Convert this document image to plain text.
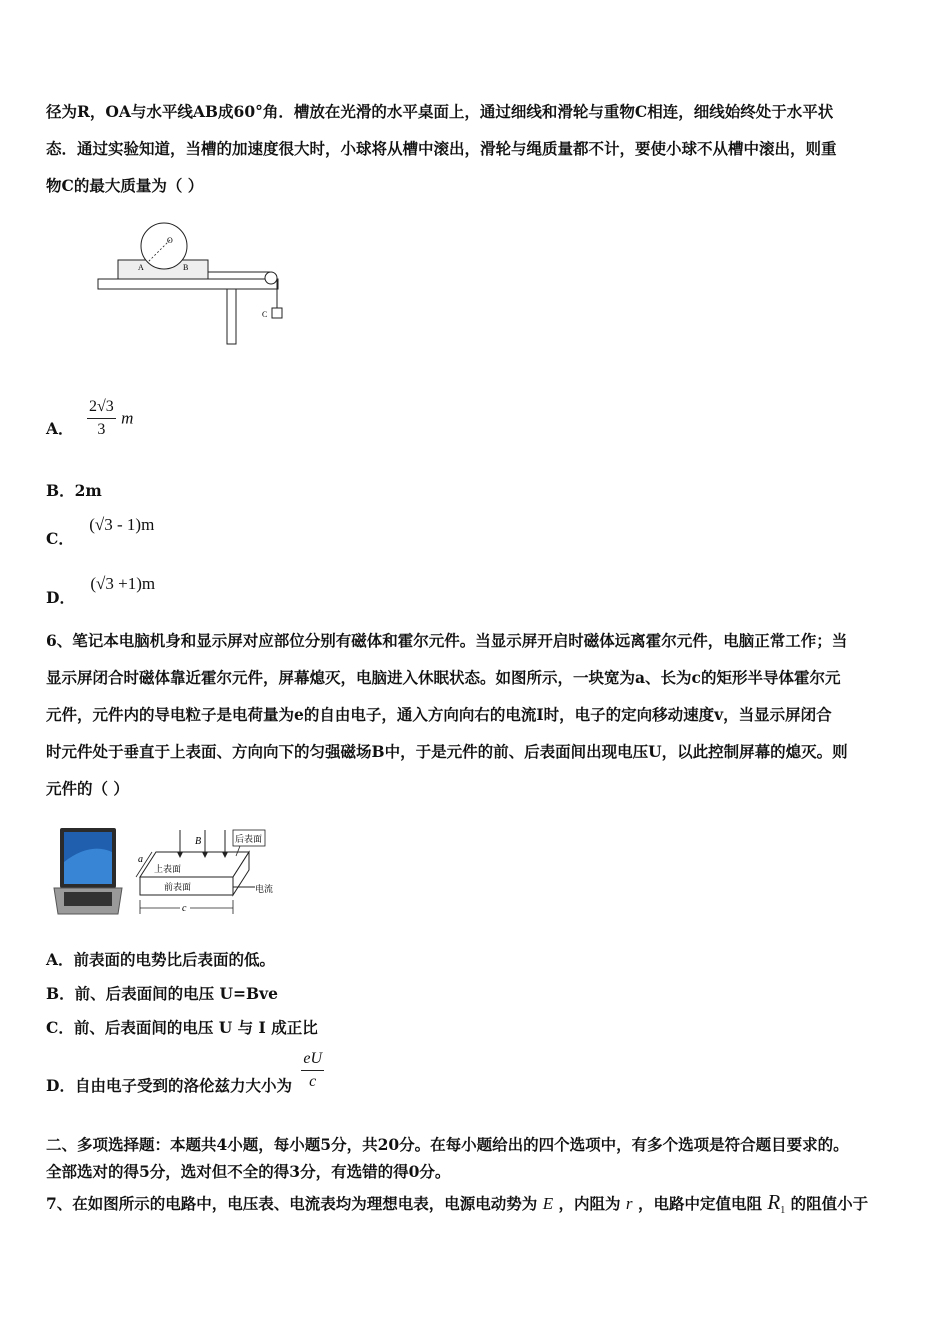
径为R，OA与水平线AB成60°角．槽放在光滑的水平桌面上，通过细线和滑轮与重物C相连，细线始终处于水平状
态．通过实验知道，当槽的加速度很大时，小球将从槽中滚出，滑轮与绳质量都不计，要使小球不从槽中滚出，则重
物C的最大质量为（ ）
O
A	B
C
A． $\frac{2√3}{3}$ m
B．2m
C． (√3 - 1)m
D． (√3 +1)m
6、笔记本电脑机身和显示屏对应部位分别有磁体和霍尔元件。当显示屏开启时磁体远离霍尔元件，电脑正常工作；当
显示屏闭合时磁体靠近霍尔元件，屏幕熄灭，电脑进入休眠状态。如图所示，一块宽为a、长为c的矩形半导体霍尔元
元件，元件内的导电粒子是电荷量为e的自由电子，通入方向向右的电流I时，电子的定向移动速度v，当显示屏闭合
时元件处于垂直于上表面、方向向下的匀强磁场B中，于是元件的前、后表面间出现电压U，以此控制屏幕的熄灭。则
元件的（ ）
后表面
B
a
上表面
前表面	电流
c
A．前表面的电势比后表面的低。
B．前、后表面间的电压 U=Bve
C．前、后表面间的电压 U 与 I 成正比
D．自由电子受到的洛伦兹力大小为 $\frac{eU}{c}$
二、多项选择题：本题共4小题，每小题5分，共20分。在每小题给出的四个选项中，有多个选项是符合题目要求的。
全部选对的得5分，选对但不全的得3分，有选错的得0分。
7、在如图所示的电路中，电压表、电流表均为理想电表，电源电动势为 E ，内阻为 r ，电路中定值电阻 $R_1$ 的阻值小于
